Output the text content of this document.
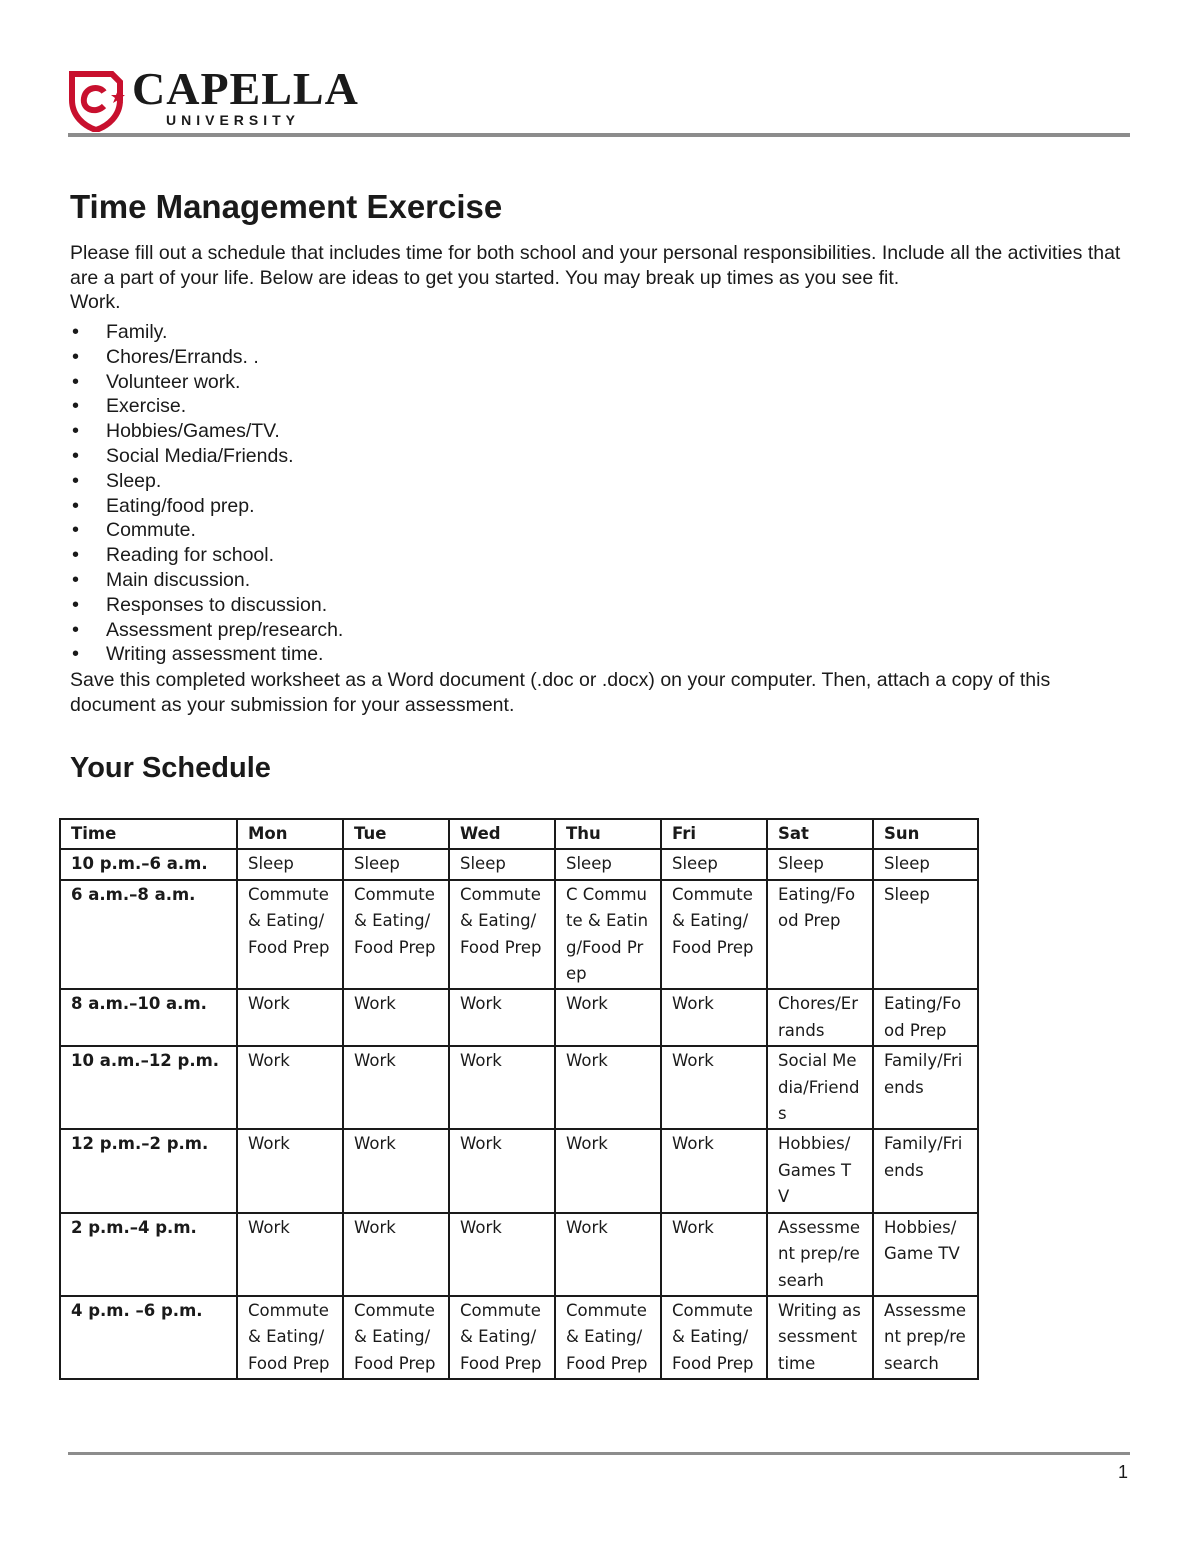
CAPELLA
UNIVERSITY
Time Management Exercise

Please fill out a schedule that includes time for both school and your personal responsibilities. Include all the activities that are a part of your life. Below are ideas to get you started. You may break up times as you see fit.

Work.

• Family.
• Chores/Errands. .
• Volunteer work.
• Exercise.
• Hobbies/Games/TV.
• Social Media/Friends.
• Sleep.
• Eating/food prep.
• Commute.
• Reading for school.
• Main discussion.
• Responses to discussion.
• Assessment prep/research.
• Writing assessment time.

Save this completed worksheet as a Word document (.doc or .docx) on your computer. Then, attach a copy of this document as your submission for your assessment.

Your Schedule
Time	Mon	Tue	Wed	Thu	Fri	Sat	Sun
10 p.m.–6 a.m.	Sleep	Sleep	Sleep	Sleep	Sleep	Sleep	Sleep
6 a.m.–8 a.m.	Commute & Eating/Food Prep	Commute & Eating/Food Prep	Commute & Eating/Food Prep	C Commute & Eating/Food Prep	Commute & Eating/Food Prep	Eating/Food Prep	Sleep
8 a.m.–10 a.m.	Work	Work	Work	Work	Work	Chores/Errands	Eating/Food Prep
10 a.m.–12 p.m.	Work	Work	Work	Work	Work	Social Media/Friends	Family/Friends
12 p.m.–2 p.m.	Work	Work	Work	Work	Work	Hobbies/Games TV	Family/Friends
2 p.m.–4 p.m.	Work	Work	Work	Work	Work	Assessment prep/researh	Hobbies/Game TV
4 p.m. –6 p.m.	Commute & Eating/Food Prep	Commute & Eating/Food Prep	Commute & Eating/Food Prep	Commute & Eating/Food Prep	Commute & Eating/Food Prep	Writing assessment time	Assessment prep/research
1
